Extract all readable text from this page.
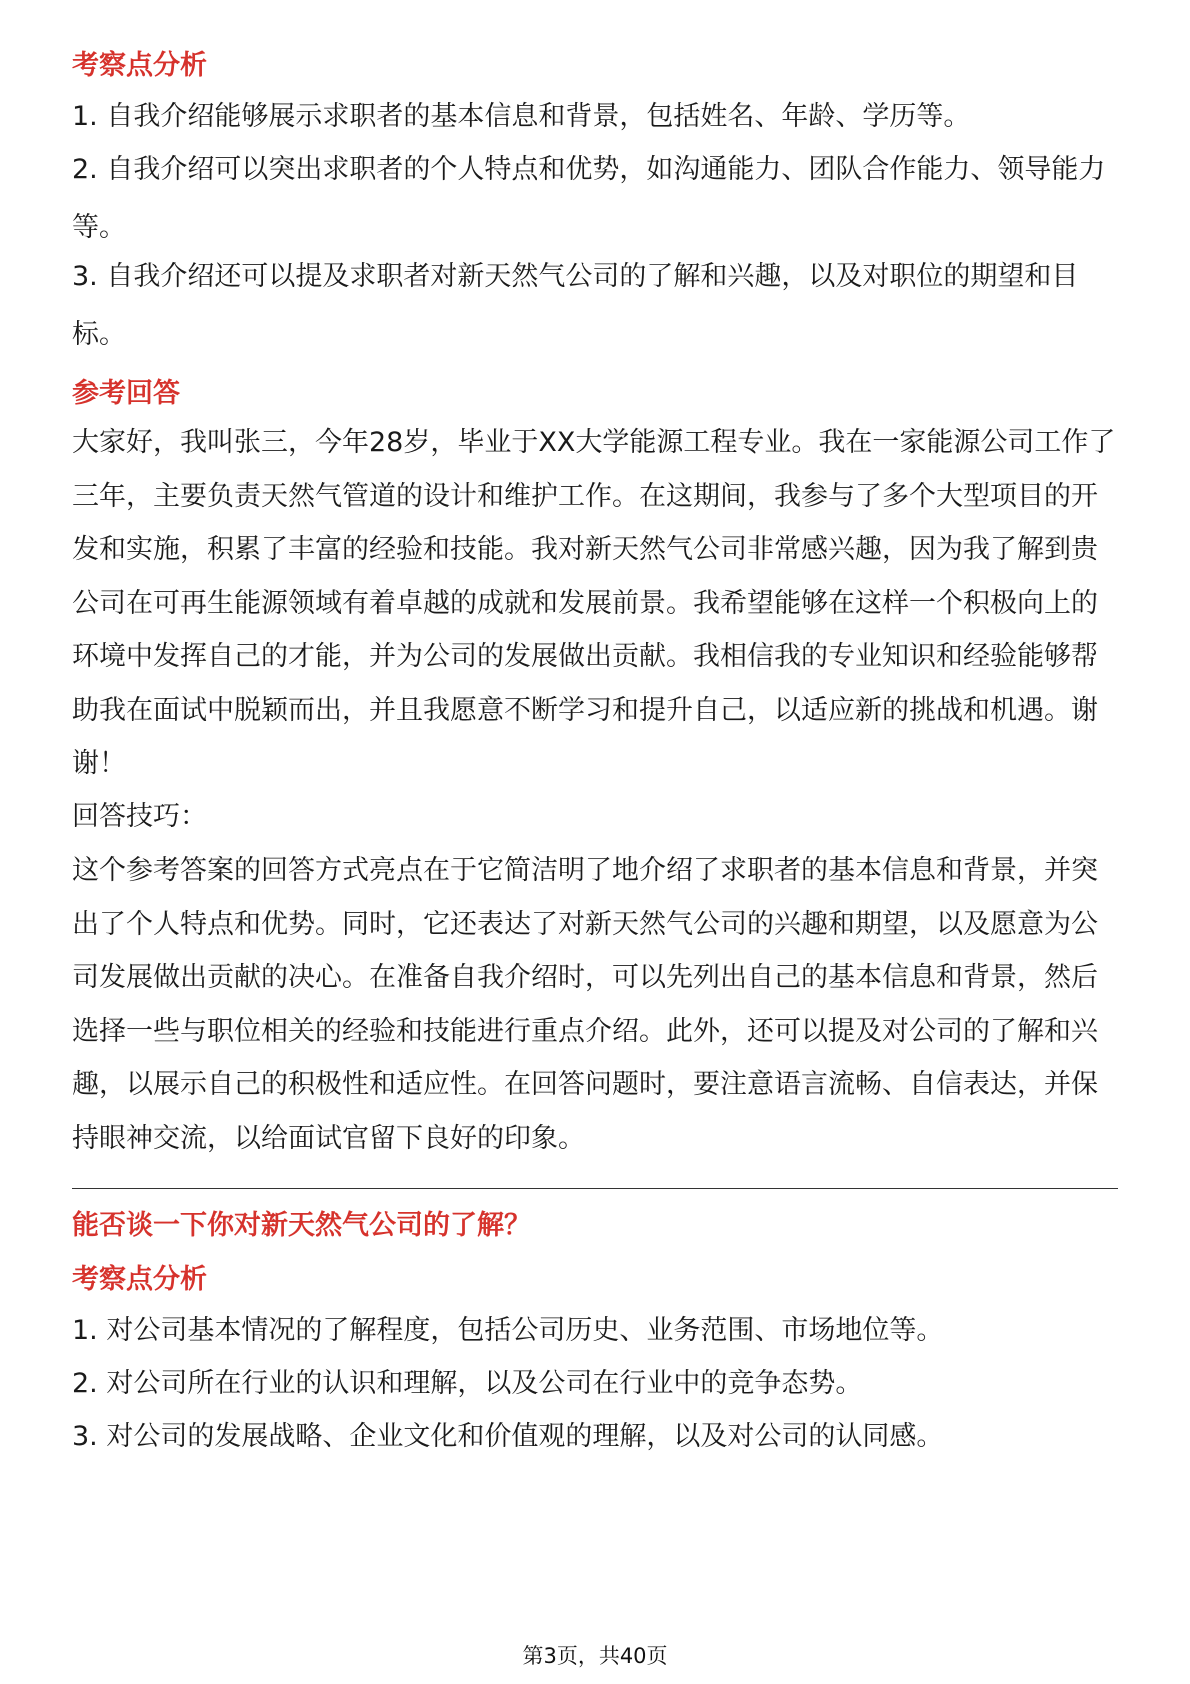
考察点分析

1. 自我介绍能够展示求职者的基本信息和背景，包括姓名、年龄、学历等。

2. 自我介绍可以突出求职者的个人特点和优势，如沟通能力、团队合作能力、领导能力等。

3. 自我介绍还可以提及求职者对新天然气公司的了解和兴趣，以及对职位的期望和目标。

参考回答

大家好，我叫张三，今年28岁，毕业于XX大学能源工程专业。我在一家能源公司工作了三年，主要负责天然气管道的设计和维护工作。在这期间，我参与了多个大型项目的开发和实施，积累了丰富的经验和技能。我对新天然气公司非常感兴趣，因为我了解到贵公司在可再生能源领域有着卓越的成就和发展前景。我希望能够在这样一个积极向上的环境中发挥自己的才能，并为公司的发展做出贡献。我相信我的专业知识和经验能够帮助我在面试中脱颖而出，并且我愿意不断学习和提升自己，以适应新的挑战和机遇。谢谢！

回答技巧：

这个参考答案的回答方式亮点在于它简洁明了地介绍了求职者的基本信息和背景，并突出了个人特点和优势。同时，它还表达了对新天然气公司的兴趣和期望，以及愿意为公司发展做出贡献的决心。在准备自我介绍时，可以先列出自己的基本信息和背景，然后选择一些与职位相关的经验和技能进行重点介绍。此外，还可以提及对公司的了解和兴趣，以展示自己的积极性和适应性。在回答问题时，要注意语言流畅、自信表达，并保持眼神交流，以给面试官留下良好的印象。

能否谈一下你对新天然气公司的了解？
考察点分析

1. 对公司基本情况的了解程度，包括公司历史、业务范围、市场地位等。

2. 对公司所在行业的认识和理解，以及公司在行业中的竞争态势。

3. 对公司的发展战略、企业文化和价值观的理解，以及对公司的认同感。

第3页，共40页
